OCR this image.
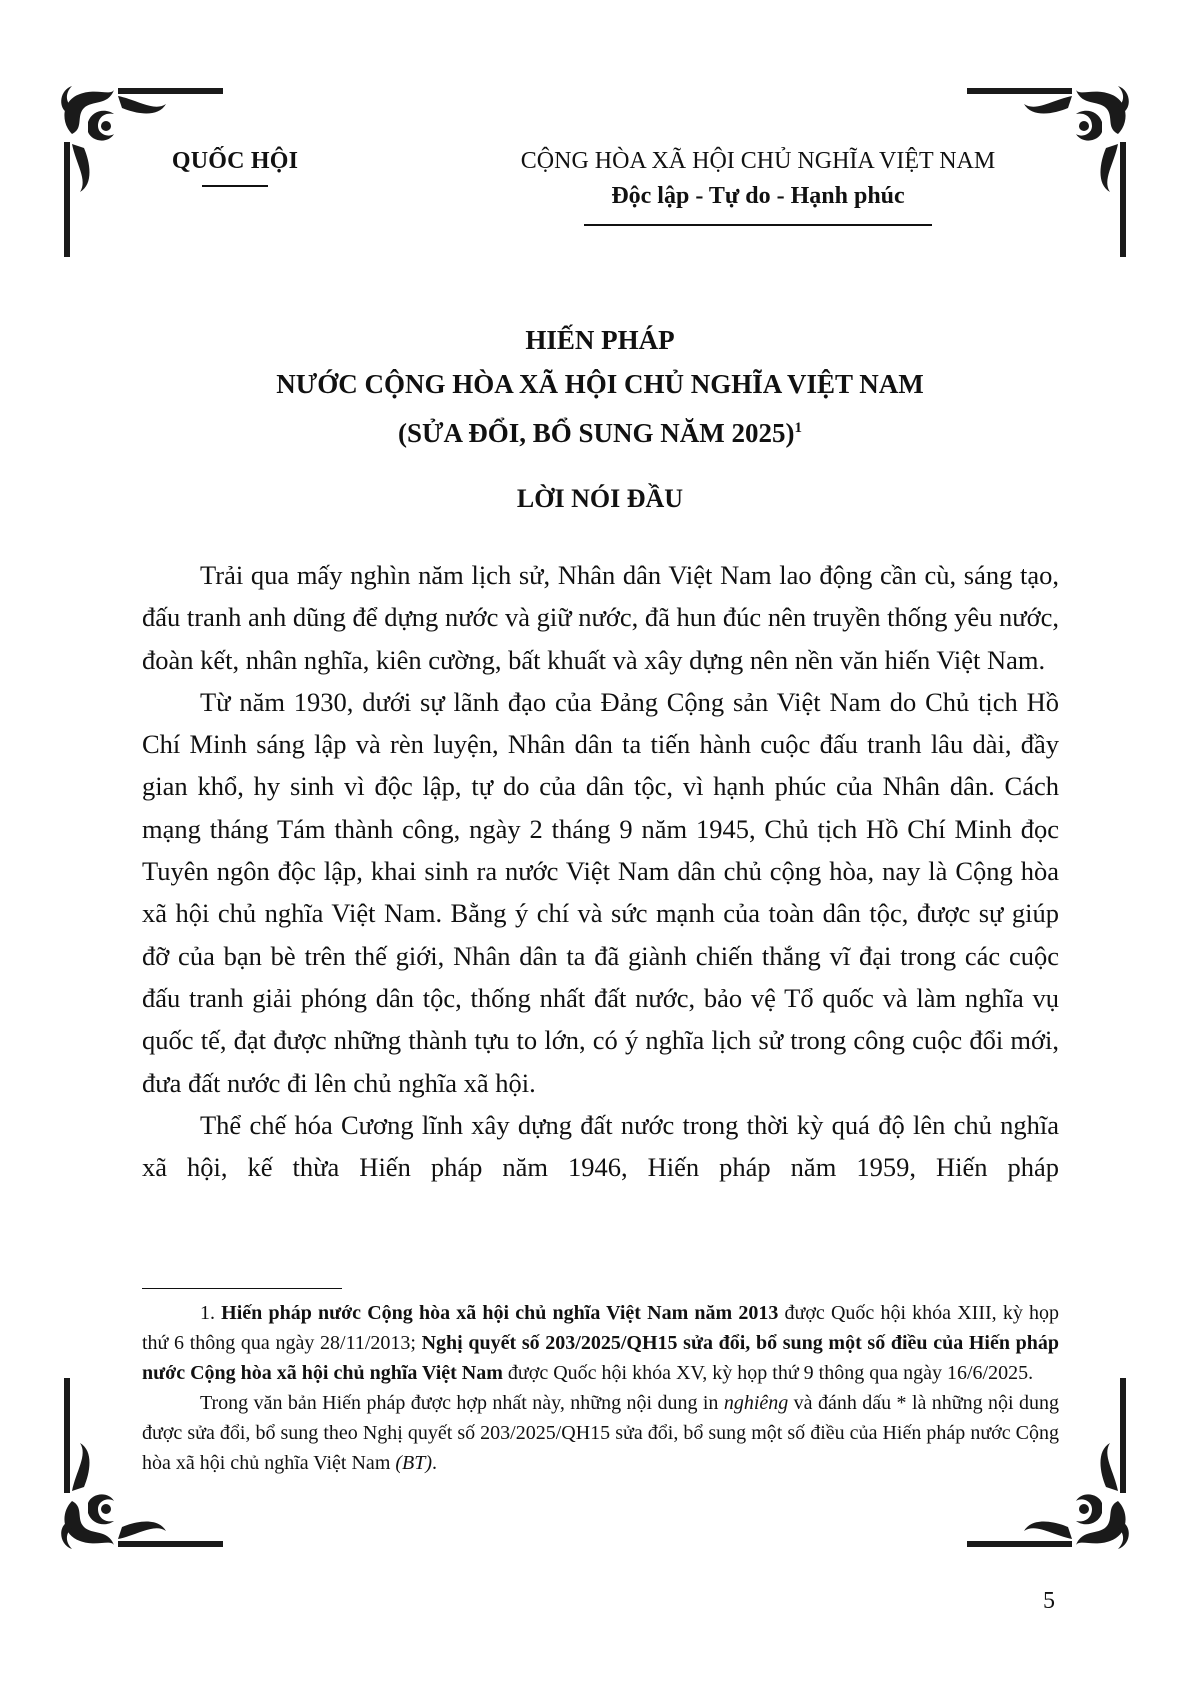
QUỐC HỘI	CỘNG HÒA XÃ HỘI CHỦ NGHĨA VIỆT NAM
Độc lập - Tự do - Hạnh phúc
HIẾN PHÁP
NƯỚC CỘNG HÒA XÃ HỘI CHỦ NGHĨA VIỆT NAM
(SỬA ĐỔI, BỔ SUNG NĂM 2025)$^1$
LỜI NÓI ĐẦU

Trải qua mấy nghìn năm lịch sử, Nhân dân Việt Nam lao động cần cù, sáng tạo, đấu tranh anh dũng để dựng nước và giữ nước, đã hun đúc nên truyền thống yêu nước, đoàn kết, nhân nghĩa, kiên cường, bất khuất và xây dựng nên nền văn hiến Việt Nam.

Từ năm 1930, dưới sự lãnh đạo của Đảng Cộng sản Việt Nam do Chủ tịch Hồ Chí Minh sáng lập và rèn luyện, Nhân dân ta tiến hành cuộc đấu tranh lâu dài, đầy gian khổ, hy sinh vì độc lập, tự do của dân tộc, vì hạnh phúc của Nhân dân. Cách mạng tháng Tám thành công, ngày 2 tháng 9 năm 1945, Chủ tịch Hồ Chí Minh đọc Tuyên ngôn độc lập, khai sinh ra nước Việt Nam dân chủ cộng hòa, nay là Cộng hòa xã hội chủ nghĩa Việt Nam. Bằng ý chí và sức mạnh của toàn dân tộc, được sự giúp đỡ của bạn bè trên thế giới, Nhân dân ta đã giành chiến thắng vĩ đại trong các cuộc đấu tranh giải phóng dân tộc, thống nhất đất nước, bảo vệ Tổ quốc và làm nghĩa vụ quốc tế, đạt được những thành tựu to lớn, có ý nghĩa lịch sử trong công cuộc đổi mới, đưa đất nước đi lên chủ nghĩa xã hội.

Thể chế hóa Cương lĩnh xây dựng đất nước trong thời kỳ quá độ lên chủ nghĩa xã hội, kế thừa Hiến pháp năm 1946, Hiến pháp năm 1959, Hiến pháp

1. Hiến pháp nước Cộng hòa xã hội chủ nghĩa Việt Nam năm 2013 được Quốc hội khóa XIII, kỳ họp thứ 6 thông qua ngày 28/11/2013; Nghị quyết số 203/2025/QH15 sửa đổi, bổ sung một số điều của Hiến pháp nước Cộng hòa xã hội chủ nghĩa Việt Nam được Quốc hội khóa XV, kỳ họp thứ 9 thông qua ngày 16/6/2025.

Trong văn bản Hiến pháp được hợp nhất này, những nội dung in nghiêng và đánh dấu * là những nội dung được sửa đổi, bổ sung theo Nghị quyết số 203/2025/QH15 sửa đổi, bổ sung một số điều của Hiến pháp nước Cộng hòa xã hội chủ nghĩa Việt Nam (BT).

5
